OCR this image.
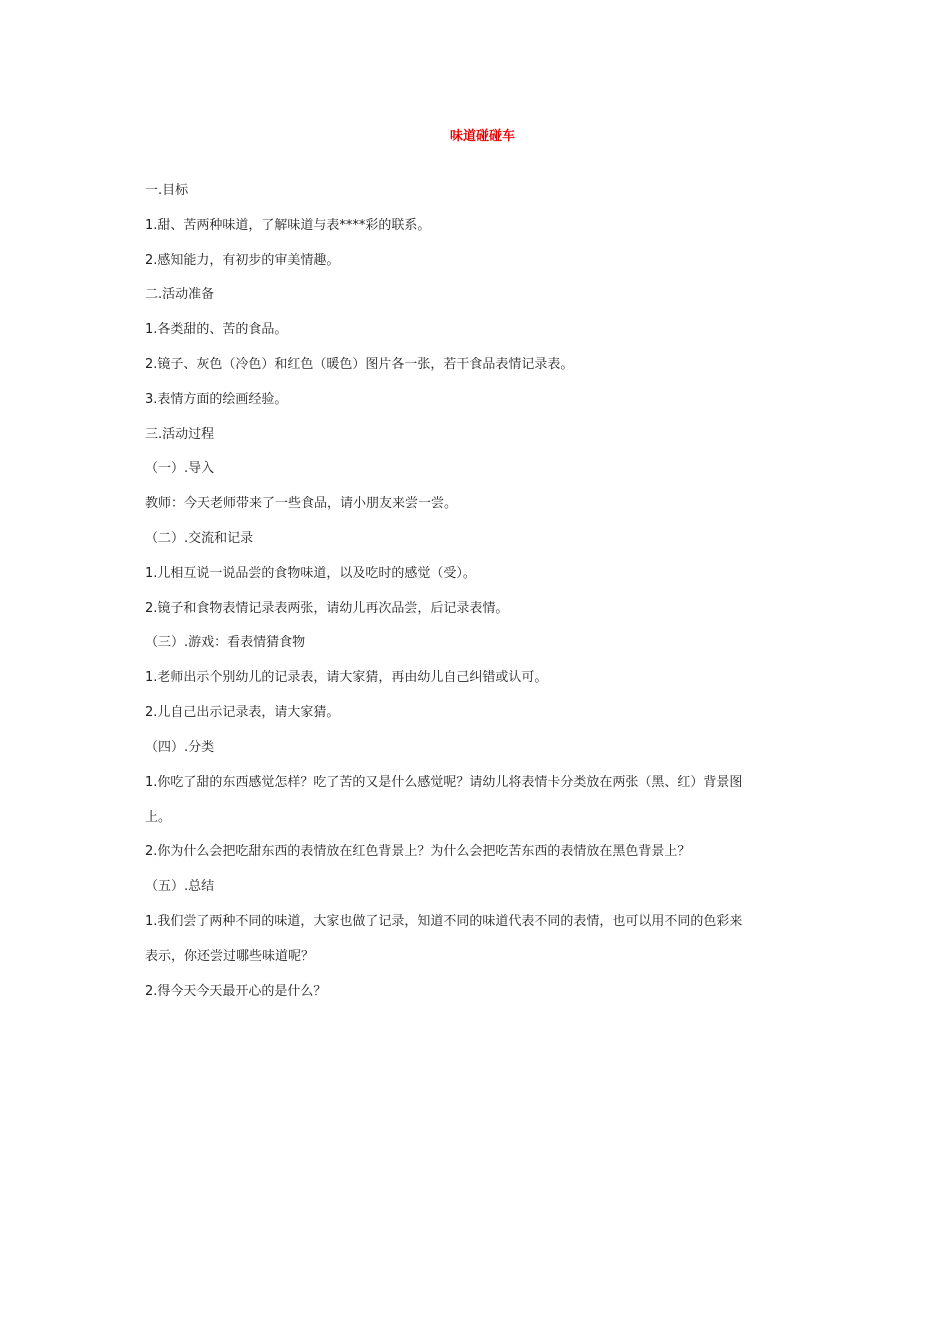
味道碰碰车

一.目标

1.甜、苦两种味道，了解味道与表****彩的联系。

2.感知能力，有初步的审美情趣。

二.活动准备

1.各类甜的、苦的食品。

2.镜子、灰色（冷色）和红色（暖色）图片各一张，若干食品表情记录表。

3.表情方面的绘画经验。

三.活动过程

（一）.导入

教师：今天老师带来了一些食品，请小朋友来尝一尝。

（二）.交流和记录

1.儿相互说一说品尝的食物味道，以及吃时的感觉（受）。

2.镜子和食物表情记录表两张，请幼儿再次品尝，后记录表情。

（三）.游戏：看表情猜食物

1.老师出示个别幼儿的记录表，请大家猜，再由幼儿自己纠错或认可。

2.儿自己出示记录表，请大家猜。

（四）.分类

1.你吃了甜的东西感觉怎样？吃了苦的又是什么感觉呢？请幼儿将表情卡分类放在两张（黑、红）背景图
上。

2.你为什么会把吃甜东西的表情放在红色背景上？为什么会把吃苦东西的表情放在黑色背景上？

（五）.总结

1.我们尝了两种不同的味道，大家也做了记录，知道不同的味道代表不同的表情，也可以用不同的色彩来
表示，你还尝过哪些味道呢？

2.得今天今天最开心的是什么？
